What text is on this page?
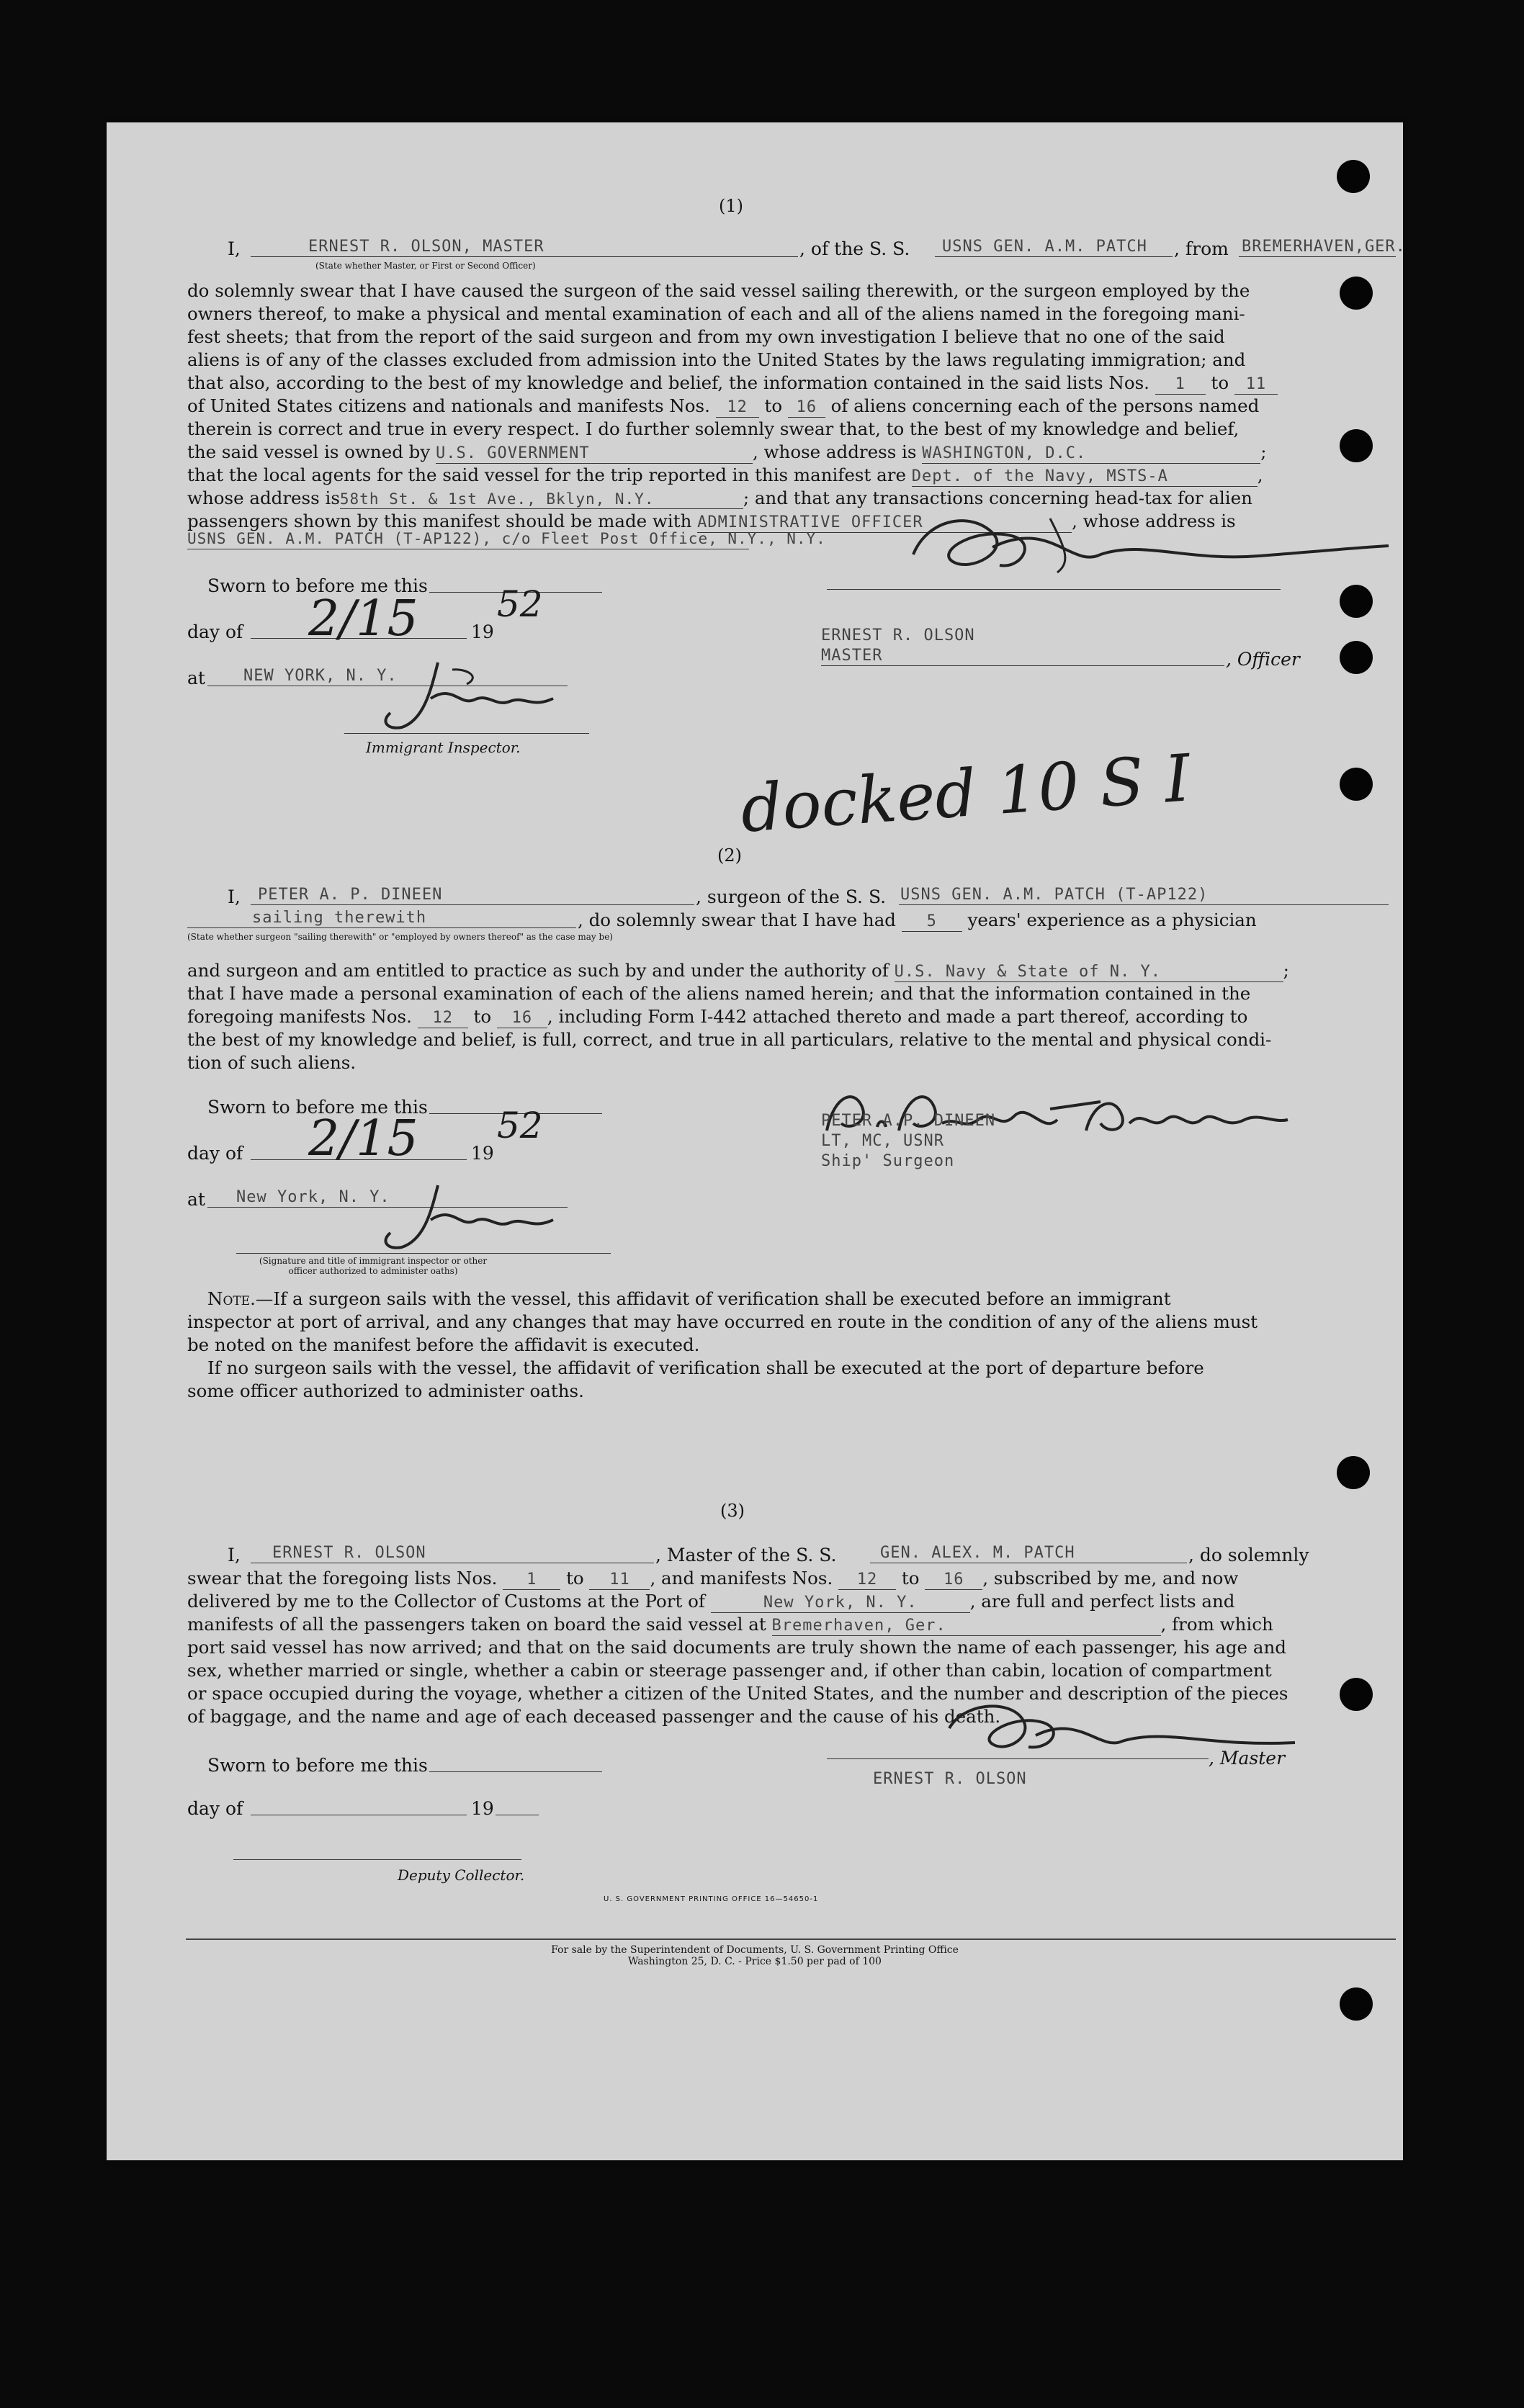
(1)
I,	ERNEST R. OLSON, MASTER	, of the S. S. USNS GEN. A.M. PATCH , from BREMERHAVEN,GER.
(State whether Master, or First or Second Officer)
do solemnly swear that I have caused the surgeon of the said vessel sailing therewith, or the surgeon employed by the
owners thereof, to make a physical and mental examination of each and all of the aliens named in the foregoing mani-
fest sheets; that from the report of the said surgeon and from my own investigation I believe that no one of the said
aliens is of any of the classes excluded from admission into the United States by the laws regulating immigration; and
that also, according to the best of my knowledge and belief, the information contained in the said lists Nos. 1 to 11
of United States citizens and nationals and manifests Nos. 12 to 16 of aliens concerning each of the persons named
therein is correct and true in every respect. I do further solemnly swear that, to the best of my knowledge and belief,
the said vessel is owned by U.S. GOVERNMENT	, whose address is WASHINGTON, D.C.	;
that the local agents for the said vessel for the trip reported in this manifest are Dept. of the Navy, MSTS-A	,
whose address is58th St. & 1st Ave., Bklyn, N.Y.	; and that any transactions concerning head-tax for alien
passengers shown by this manifest should be made with ADMINISTRATIVE OFFICER	, whose address is
USNS GEN. A.M. PATCH (T-AP122), c/o Fleet Post Office, N.Y., N.Y.
ERNEST R. OLSON
MASTER	, Officer
Sworn to before me this
day of 2/15	19
52
at NEW YORK, N. Y.
Immigrant Inspector.	docked 10 S I
(2)
I, PETER A. P. DINEEN	, surgeon of the S. S. USNS GEN. A.M. PATCH (T-AP122)
sailing therewith	, do solemnly swear that I have had 5 years' experience as a physician
(State whether surgeon "sailing therewith" or "employed by owners thereof" as the case may be)
and surgeon and am entitled to practice as such by and under the authority of U.S. Navy & State of N. Y.	;
that I have made a personal examination of each of the aliens named herein; and that the information contained in the
foregoing manifests Nos. 12 to 16 , including Form I-442 attached thereto and made a part thereof, according to
the best of my knowledge and belief, is full, correct, and true in all particulars, relative to the mental and physical condi-
tion of such aliens.
Sworn to before me this
day of 2/15	19
52
at New York, N. Y.
(Signature and title of immigrant inspector or other officer authorized to administer oaths)
PETER A.P. DINEEN
LT, MC, USNR
Ship' Surgeon
Note.—If a surgeon sails with the vessel, this affidavit of verification shall be executed before an immigrant
inspector at port of arrival, and any changes that may have occurred en route in the condition of any of the aliens must
be noted on the manifest before the affidavit is executed.
If no surgeon sails with the vessel, the affidavit of verification shall be executed at the port of departure before
some officer authorized to administer oaths.
(3)
I, ERNEST R. OLSON	, Master of the S. S.	GEN. ALEX. M. PATCH	, do solemnly
swear that the foregoing lists Nos. 1 to 11 , and manifests Nos. 12 to 16 , subscribed by me, and now
delivered by me to the Collector of Customs at the Port of	New York, N. Y.	, are full and perfect lists and
manifests of all the passengers taken on board the said vessel at Bremerhaven, Ger.	, from which
port said vessel has now arrived; and that on the said documents are truly shown the name of each passenger, his age and
sex, whether married or single, whether a cabin or steerage passenger and, if other than cabin, location of compartment
or space occupied during the voyage, whether a citizen of the United States, and the number and description of the pieces
of baggage, and the name and age of each deceased passenger and the cause of his death.
, Master
ERNEST R. OLSON
Sworn to before me this
day of	19
Deputy Collector.
U. S. GOVERNMENT PRINTING OFFICE 16—54650-1
For sale by the Superintendent of Documents, U. S. Government Printing Office
Washington 25, D. C. - Price $1.50 per pad of 100
